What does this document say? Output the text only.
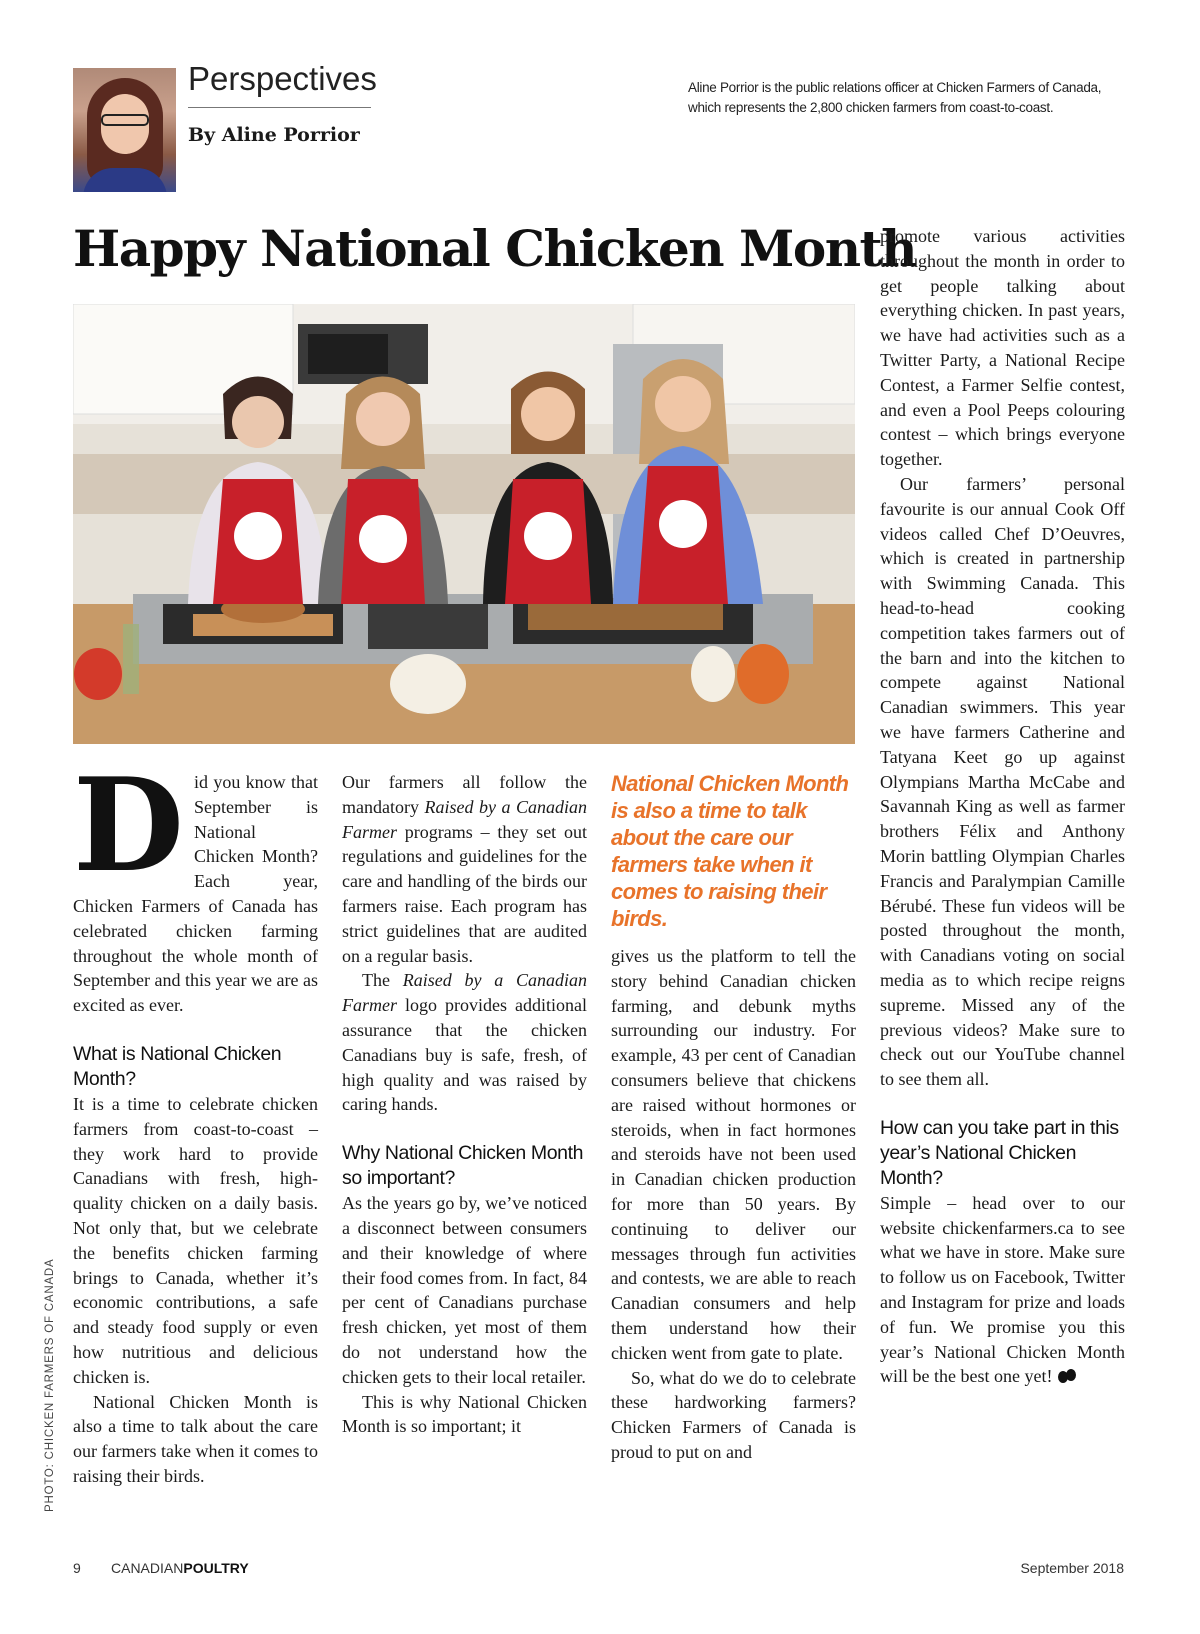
Perspectives
By Aline Porrior
Aline Porrior is the public relations officer at Chicken Farmers of Canada, which represents the 2,800 chicken farmers from coast-to-coast.
Happy National Chicken Month

Did you know that September is National Chicken Month? Each year, Chicken Farmers of Canada has celebrated chicken farming throughout the whole month of September and this year we are as excited as ever.

What is National Chicken Month?

It is a time to celebrate chicken farmers from coast-to-coast – they work hard to provide Canadians with fresh, high-quality chicken on a daily basis. Not only that, but we celebrate the benefits chicken farming brings to Canada, whether it’s economic contributions, a safe and steady food supply or even how nutritious and delicious chicken is.

National Chicken Month is also a time to talk about the care our farmers take when it comes to raising their birds.

Our farmers all follow the mandatory Raised by a Canadian Farmer programs – they set out regulations and guidelines for the care and handling of the birds our farmers raise. Each program has strict guidelines that are audited on a regular basis.

The Raised by a Canadian Farmer logo provides additional assurance that the chicken Canadians buy is safe, fresh, of high quality and was raised by caring hands.

Why National Chicken Month so important?

As the years go by, we’ve noticed a disconnect between consumers and their knowledge of where their food comes from. In fact, 84 per cent of Canadians purchase fresh chicken, yet most of them do not understand how the chicken gets to their local retailer.

This is why National Chicken Month is so important; it

National Chicken Month is also a time to talk about the care our farmers take when it comes to raising their birds.

gives us the platform to tell the story behind Canadian chicken farming, and debunk myths surrounding our industry. For example, 43 per cent of Canadian consumers believe that chickens are raised without hormones or steroids, when in fact hormones and steroids have not been used in Canadian chicken production for more than 50 years. By continuing to deliver our messages through fun activities and contests, we are able to reach Canadian consumers and help them understand how their chicken went from gate to plate.

So, what do we do to celebrate these hardworking farmers? Chicken Farmers of Canada is proud to put on and

promote various activities throughout the month in order to get people talking about everything chicken. In past years, we have had activities such as a Twitter Party, a National Recipe Contest, a Farmer Selfie contest, and even a Pool Peeps colouring contest – which brings everyone together.

Our farmers’ personal favourite is our annual Cook Off videos called Chef D’Oeuvres, which is created in partnership with Swimming Canada. This head-to-head cooking competition takes farmers out of the barn and into the kitchen to compete against National Canadian swimmers. This year we have farmers Catherine and Tatyana Keet go up against Olympians Martha McCabe and Savannah King as well as farmer brothers Félix and Anthony Morin battling Olympian Charles Francis and Paralympian Camille Bérubé. These fun videos will be posted throughout the month, with Canadians voting on social media as to which recipe reigns supreme. Missed any of the previous videos? Make sure to check out our YouTube channel to see them all.

How can you take part in this year’s National Chicken Month?

Simple – head over to our website chickenfarmers.ca to see what we have in store. Make sure to follow us on Facebook, Twitter and Instagram for prize and loads of fun. We promise you this year’s National Chicken Month will be the best one yet!

PHOTO: CHICKEN FARMERS OF CANADA
9 CANADIANPOULTRY	September 2018
